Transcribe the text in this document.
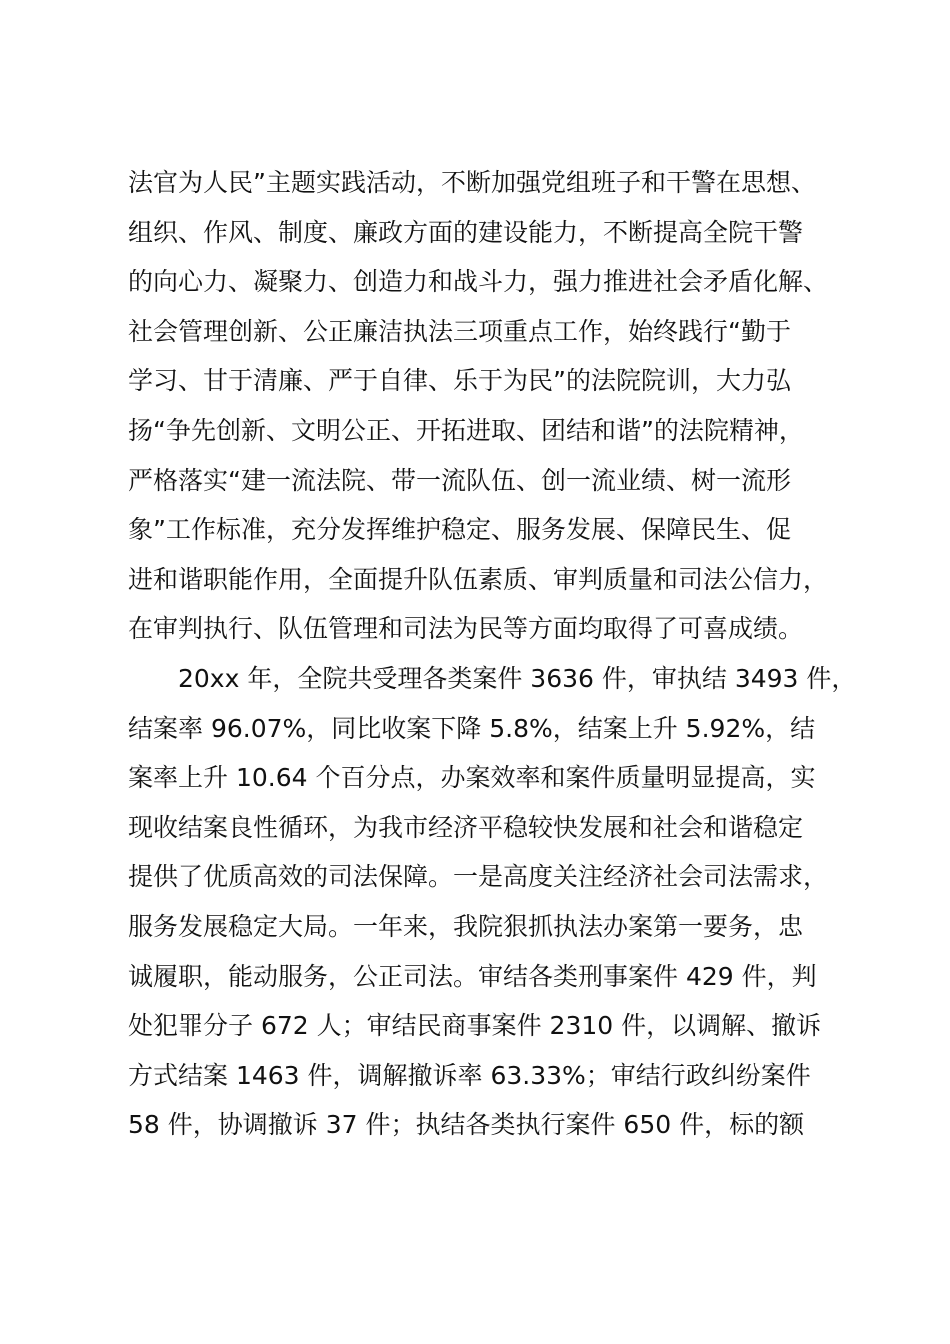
法官为人民”主题实践活动，不断加强党组班子和干警在思想、
组织、作风、制度、廉政方面的建设能力，不断提高全院干警
的向心力、凝聚力、创造力和战斗力，强力推进社会矛盾化解、
社会管理创新、公正廉洁执法三项重点工作，始终践行“勤于
学习、甘于清廉、严于自律、乐于为民”的法院院训，大力弘
扬“争先创新、文明公正、开拓进取、团结和谐”的法院精神，
严格落实“建一流法院、带一流队伍、创一流业绩、树一流形
象”工作标准，充分发挥维护稳定、服务发展、保障民生、促
进和谐职能作用，全面提升队伍素质、审判质量和司法公信力，
在审判执行、队伍管理和司法为民等方面均取得了可喜成绩。
20xx 年，全院共受理各类案件 3636 件，审执结 3493 件，
结案率 96.07%，同比收案下降 5.8%，结案上升 5.92%，结
案率上升 10.64 个百分点，办案效率和案件质量明显提高，实
现收结案良性循环，为我市经济平稳较快发展和社会和谐稳定
提供了优质高效的司法保障。一是高度关注经济社会司法需求，
服务发展稳定大局。一年来，我院狠抓执法办案第一要务，忠
诚履职，能动服务，公正司法。审结各类刑事案件 429 件，判
处犯罪分子 672 人；审结民商事案件 2310 件，以调解、撤诉
方式结案 1463 件，调解撤诉率 63.33%；审结行政纠纷案件
58 件，协调撤诉 37 件；执结各类执行案件 650 件，标的额
